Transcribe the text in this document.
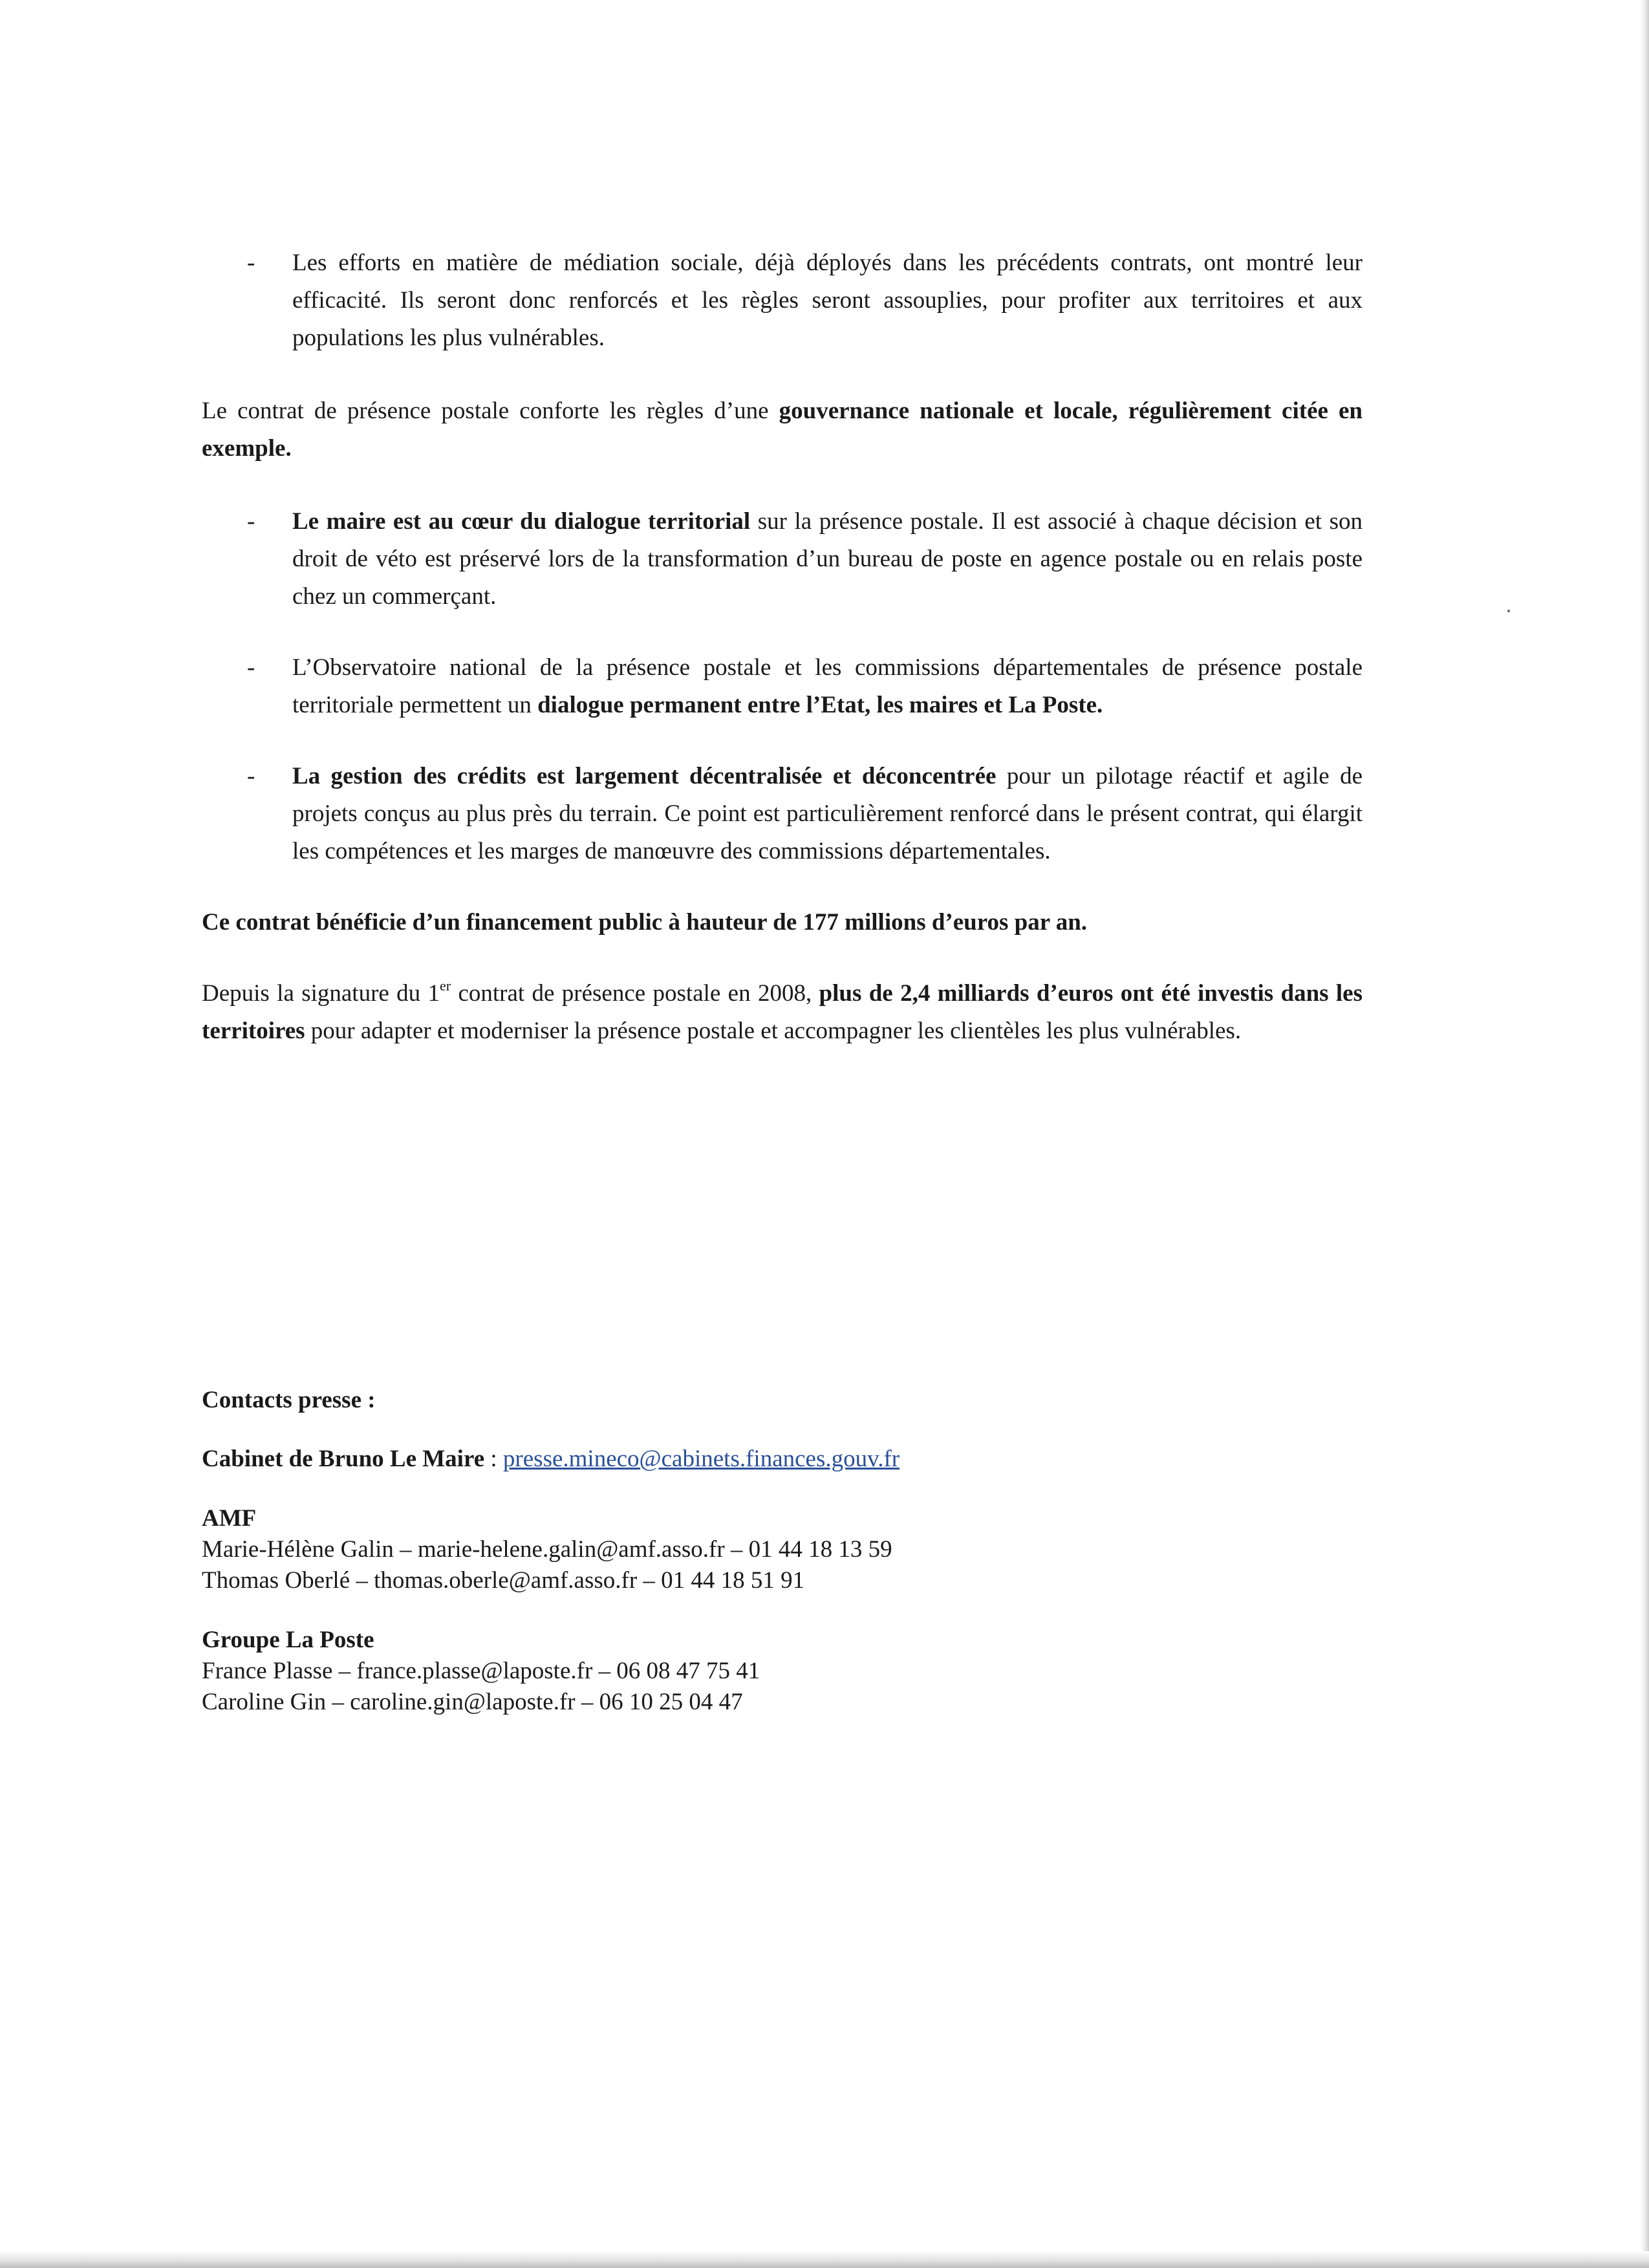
- Les efforts en matière de médiation sociale, déjà déployés dans les précédents contrats, ont montré leur efficacité. Ils seront donc renforcés et les règles seront assouplies, pour profiter aux territoires et aux populations les plus vulnérables.

Le contrat de présence postale conforte les règles d’une gouvernance nationale et locale, régulièrement citée en exemple.

- Le maire est au cœur du dialogue territorial sur la présence postale. Il est associé à chaque décision et son droit de véto est préservé lors de la transformation d’un bureau de poste en agence postale ou en relais poste chez un commerçant.
- L’Observatoire national de la présence postale et les commissions départementales de présence postale territoriale permettent un dialogue permanent entre l’Etat, les maires et La Poste.
- La gestion des crédits est largement décentralisée et déconcentrée pour un pilotage réactif et agile de projets conçus au plus près du terrain. Ce point est particulièrement renforcé dans le présent contrat, qui élargit les compétences et les marges de manœuvre des commissions départementales.

Ce contrat bénéficie d’un financement public à hauteur de 177 millions d’euros par an.

Depuis la signature du 1er contrat de présence postale en 2008, plus de 2,4 milliards d’euros ont été investis dans les territoires pour adapter et moderniser la présence postale et accompagner les clientèles les plus vulnérables.

Contacts presse :
Cabinet de Bruno Le Maire : presse.mineco@cabinets.finances.gouv.fr
AMF
Marie-Hélène Galin – marie-helene.galin@amf.asso.fr – 01 44 18 13 59
Thomas Oberlé – thomas.oberle@amf.asso.fr – 01 44 18 51 91
Groupe La Poste
France Plasse – france.plasse@laposte.fr – 06 08 47 75 41
Caroline Gin – caroline.gin@laposte.fr – 06 10 25 04 47
